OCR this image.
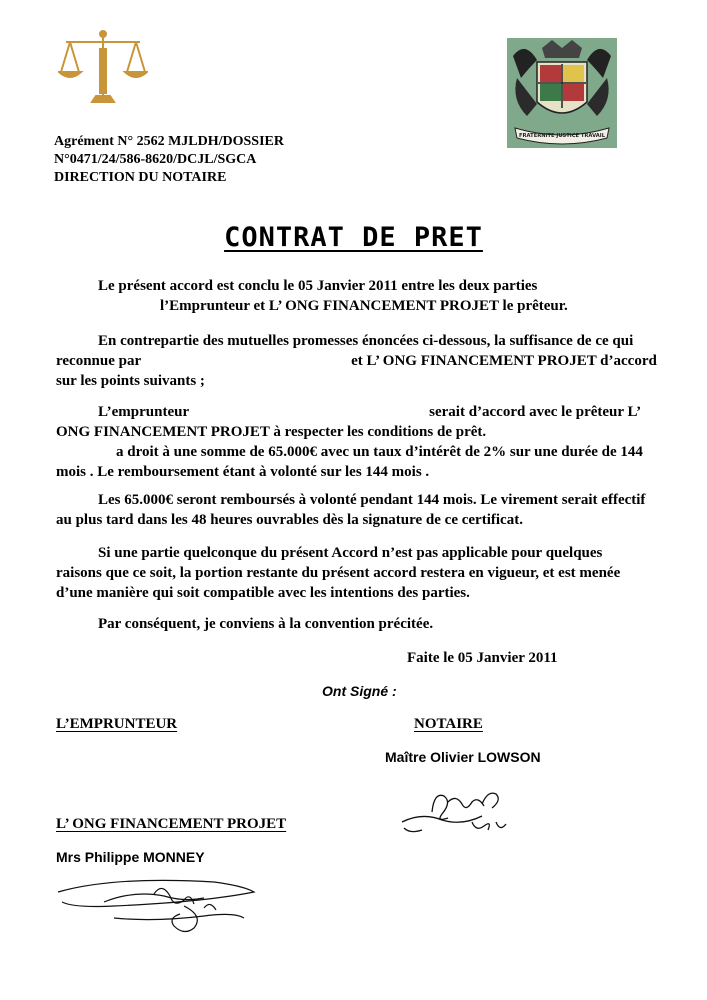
FRATERNITE JUSTICE TRAVAIL
Agrément N° 2562 MJLDH/DOSSIER
N°0471/24/586-8620/DCJL/SGCA
DIRECTION DU NOTAIRE
CONTRAT DE PRET
Le présent accord est conclu le 05 Janvier 2011 entre les deux parties
l’Emprunteur et L’ ONG FINANCEMENT PROJET le prêteur.
En contrepartie des mutuelles promesses énoncées ci-dessous, la suffisance de ce qui
reconnue par	et L’ ONG FINANCEMENT PROJET d’accord
sur les points suivants ;
L’emprunteur	serait d’accord avec le prêteur L’
ONG FINANCEMENT PROJET à respecter les conditions de prêt.
a droit à une somme de 65.000€ avec un taux d’intérêt de 2% sur une durée de 144
mois . Le remboursement étant à volonté sur les 144 mois .
Les 65.000€ seront remboursés à volonté pendant 144 mois. Le virement serait effectif
au plus tard dans les 48 heures ouvrables dès la signature de ce certificat.
Si une partie quelconque du présent Accord n’est pas applicable pour quelques
raisons que ce soit, la portion restante du présent accord restera en vigueur, et est menée
d’une manière qui soit compatible avec les intentions des parties.
Par conséquent, je conviens à la convention précitée.
Faite le 05 Janvier 2011
Ont Signé :
L’EMPRUNTEUR	NOTAIRE
Maître Olivier LOWSON
L’ ONG FINANCEMENT PROJET
Mrs Philippe MONNEY
